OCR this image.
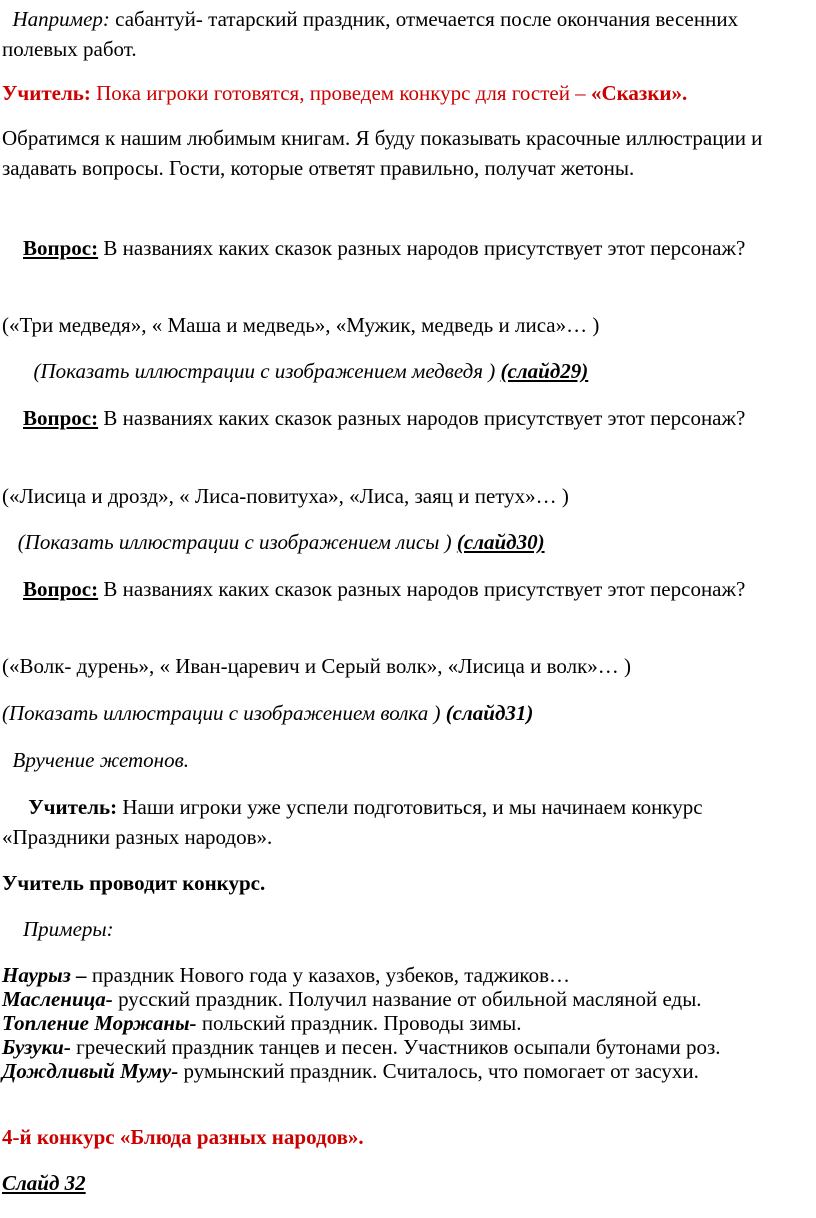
Например: сабантуй- татарский праздник, отмечается после окончания весенних полевых работ.

Учитель: Пока игроки готовятся, проведем конкурс для гостей – «Сказки».

Обратимся к нашим любимым книгам. Я буду показывать красочные иллюстрации и задавать вопросы. Гости, которые ответят правильно, получат жетоны.

Вопрос: В названиях каких сказок разных народов присутствует этот персонаж?

(«Три медведя», « Маша и медведь», «Мужик, медведь и лиса»… )

(Показать иллюстрации с изображением медведя ) (слайд29)

Вопрос: В названиях каких сказок разных народов присутствует этот персонаж?

(«Лисица и дрозд», « Лиса-повитуха», «Лиса, заяц и петух»… )

(Показать иллюстрации с изображением лисы ) (слайд30)

Вопрос: В названиях каких сказок разных народов присутствует этот персонаж?

(«Волк- дурень», « Иван-царевич и Серый волк», «Лисица и волк»… )

(Показать иллюстрации с изображением волка ) (слайд31)

Вручение жетонов.

Учитель: Наши игроки уже успели подготовиться, и мы начинаем конкурс «Праздники разных народов».

Учитель проводит конкурс.

Примеры:

Наурыз – праздник Нового года у казахов, узбеков, таджиков…
Масленица- русский праздник. Получил название от обильной масляной еды.
Топление Моржаны- польский праздник. Проводы зимы.
Бузуки- греческий праздник танцев и песен. Участников осыпали бутонами роз.
Дождливый Муму- румынский праздник. Считалось, что помогает от засухи.

4-й конкурс «Блюда разных народов».

Слайд 32
